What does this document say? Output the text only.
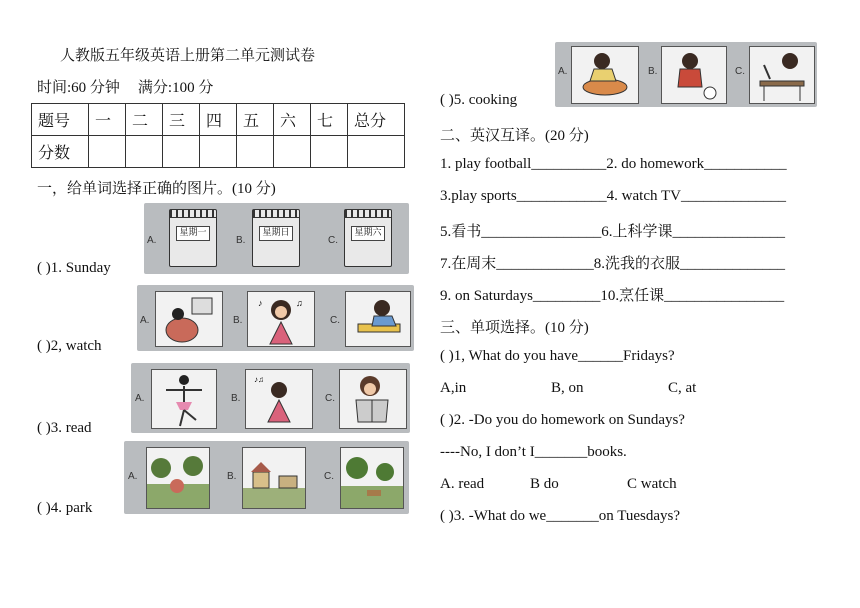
人教版五年级英语上册第二单元测试卷
时间:60 分钟 满分:100 分
题号	一	二	三	四	五	六	七	总分
分数								
一，给单词选择正确的图片。(10 分)
( )1. Sunday
A.
星期一
B.
星期日
C.
星期六
( )2, watch
A.	B.
♪	♫
C.
( )3. read
A.	B.
♪♫
C.
( )4. park
A.	B.	C.
( )5. cooking
A.	B.	C.
二、英汉互译。(20 分)
1. play football__________2. do homework___________
3.play sports____________4. watch TV______________
5.看书________________6.上科学课_______________
7.在周末_____________8.洗我的衣服______________
9. on Saturdays_________10.烹任课________________
三、单项选择。(10 分)
( )1, What do you have______Fridays?
A,in	B, on	C, at
( )2. -Do you do homework on Sundays?
----No, I don’t I_______books.
A. read	B do	C watch
( )3. -What do we_______on Tuesdays?
